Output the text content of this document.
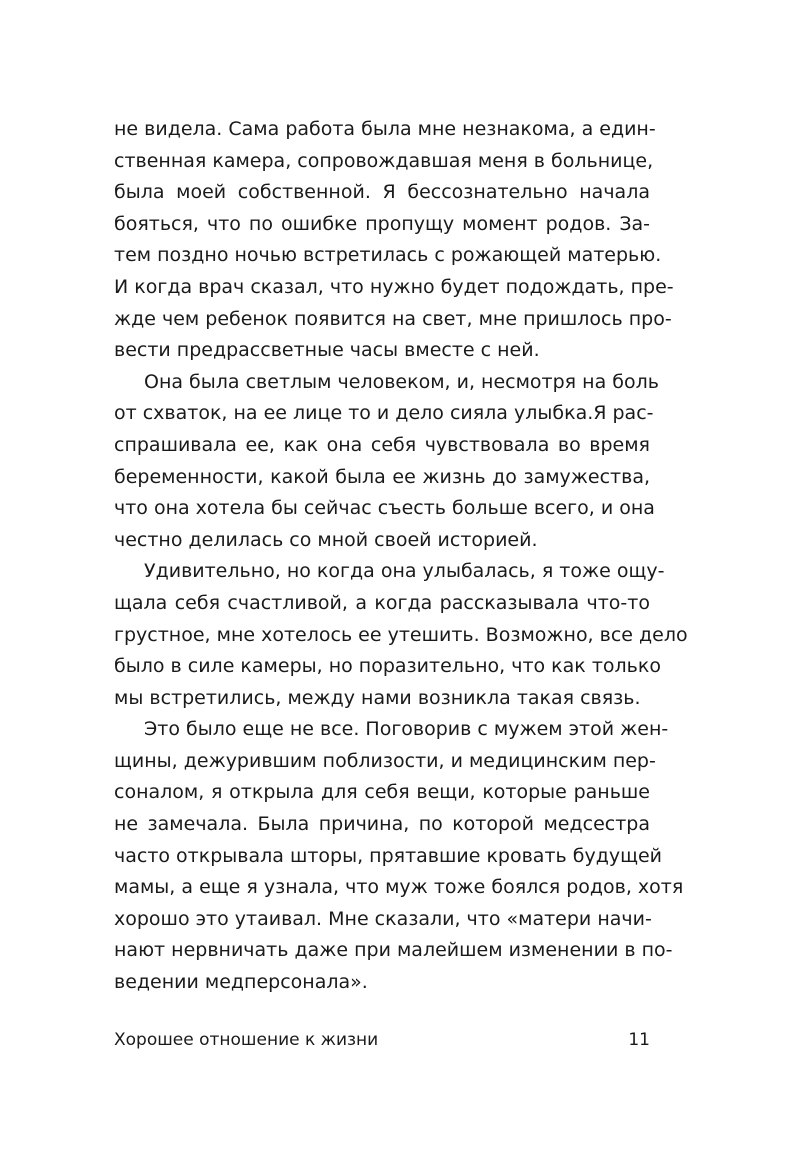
не видела. Сама работа была мне незнакома, а един-
ственная камера, сопровождавшая меня в больнице,
была моей собственной. Я бессознательно начала
бояться, что по ошибке пропущу момент родов. За-
тем поздно ночью встретилась с рожающей матерью.
И когда врач сказал, что нужно будет подождать, пре-
жде чем ребенок появится на свет, мне пришлось про-
вести предрассветные часы вместе с ней.
Она была светлым человеком, и, несмотря на боль
от схваток, на ее лице то и дело сияла улыбка.Я рас-
спрашивала ее, как она себя чувствовала во время
беременности, какой была ее жизнь до замужества,
что она хотела бы сейчас съесть больше всего, и она
честно делилась со мной своей историей.
Удивительно, но когда она улыбалась, я тоже ощу-
щала себя счастливой, а когда рассказывала что-то
грустное, мне хотелось ее утешить. Возможно, все дело
было в силе камеры, но поразительно, что как только
мы встретились, между нами возникла такая связь.
Это было еще не все. Поговорив с мужем этой жен-
щины, дежурившим поблизости, и медицинским пер-
соналом, я открыла для себя вещи, которые раньше
не замечала. Была причина, по которой медсестра
часто открывала шторы, прятавшие кровать будущей
мамы, а еще я узнала, что муж тоже боялся родов, хотя
хорошо это утаивал. Мне сказали, что «матери начи-
нают нервничать даже при малейшем изменении в по-
ведении медперсонала».
Хорошее отношение к жизни	11
